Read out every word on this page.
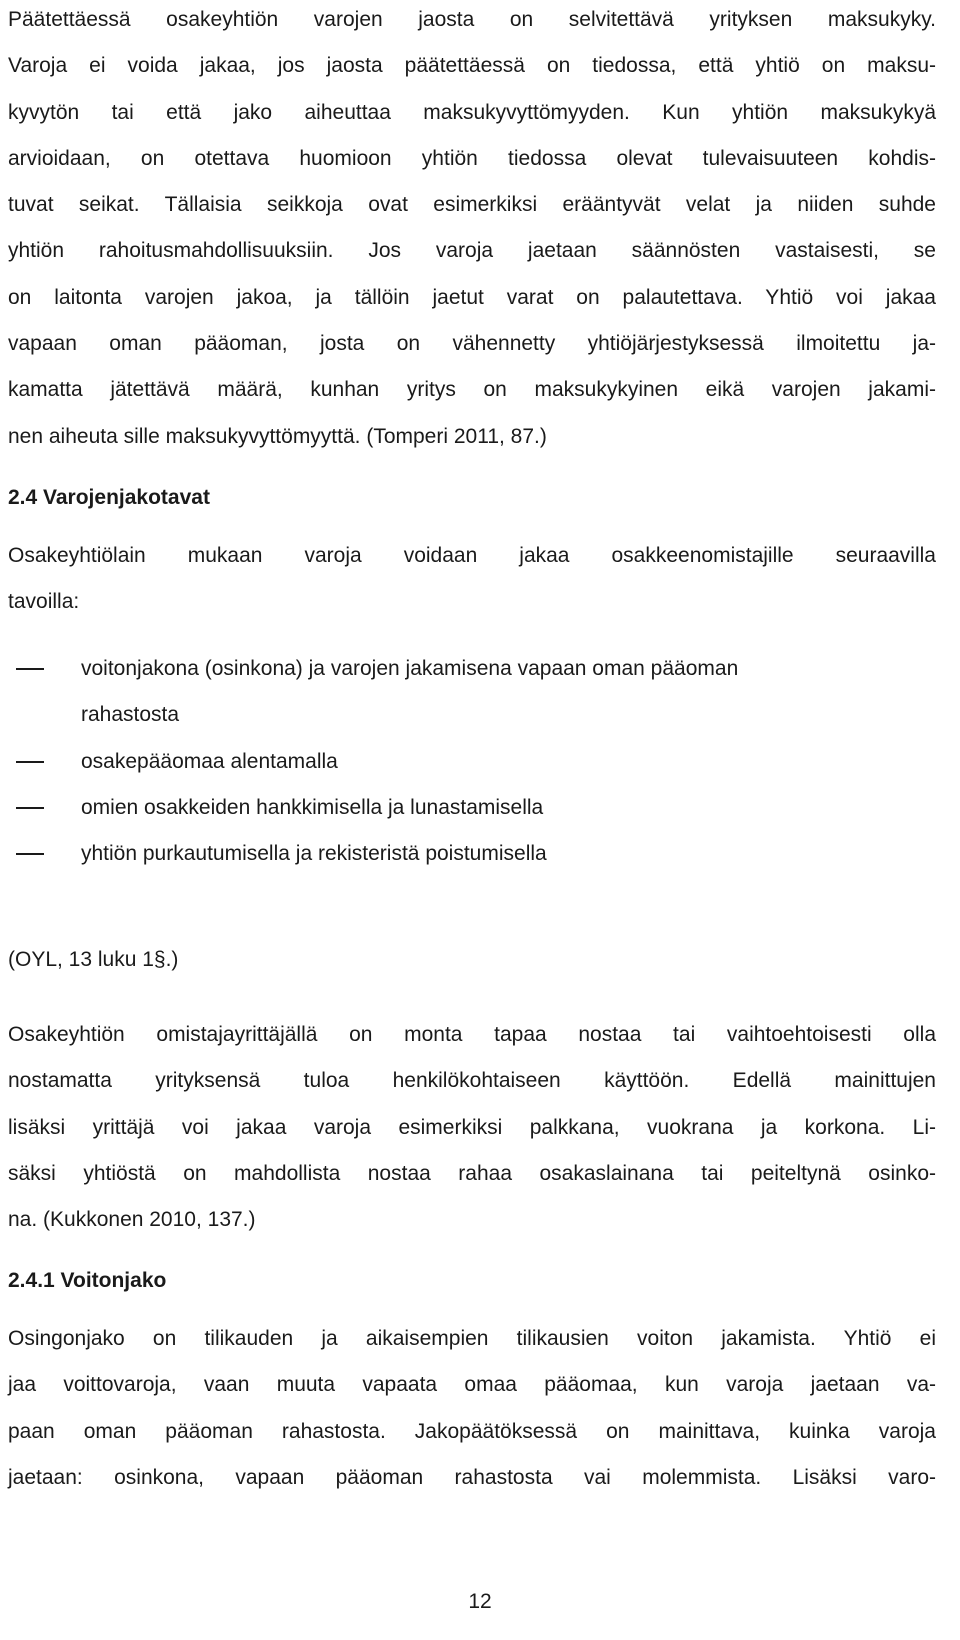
Päätettäessä osakeyhtiön varojen jaosta on selvitettävä yrityksen maksukyky.
Varoja ei voida jakaa, jos jaosta päätettäessä on tiedossa, että yhtiö on maksu-
kyvytön tai että jako aiheuttaa maksukyvyttömyyden. Kun yhtiön maksukykyä
arvioidaan, on otettava huomioon yhtiön tiedossa olevat tulevaisuuteen kohdis-
tuvat seikat. Tällaisia seikkoja ovat esimerkiksi erääntyvät velat ja niiden suhde
yhtiön rahoitusmahdollisuuksiin. Jos varoja jaetaan säännösten vastaisesti, se
on laitonta varojen jakoa, ja tällöin jaetut varat on palautettava. Yhtiö voi jakaa
vapaan oman pääoman, josta on vähennetty yhtiöjärjestyksessä ilmoitettu ja-
kamatta jätettävä määrä, kunhan yritys on maksukykyinen eikä varojen jakami-
nen aiheuta sille maksukyvyttömyyttä. (Tomperi 2011, 87.)
2.4 Varojenjakotavat
Osakeyhtiölain mukaan varoja voidaan jakaa osakkeenomistajille seuraavilla
tavoilla:
voitonjakona (osinkona) ja varojen jakamisena vapaan oman pääoman
rahastosta
osakepääomaa alentamalla
omien osakkeiden hankkimisella ja lunastamisella
yhtiön purkautumisella ja rekisteristä poistumisella
(OYL, 13 luku 1§.)
Osakeyhtiön omistajayrittäjällä on monta tapaa nostaa tai vaihtoehtoisesti olla
nostamatta yrityksensä tuloa henkilökohtaiseen käyttöön. Edellä mainittujen
lisäksi yrittäjä voi jakaa varoja esimerkiksi palkkana, vuokrana ja korkona. Li-
säksi yhtiöstä on mahdollista nostaa rahaa osakaslainana tai peiteltynä osinko-
na. (Kukkonen 2010, 137.)
2.4.1 Voitonjako
Osingonjako on tilikauden ja aikaisempien tilikausien voiton jakamista. Yhtiö ei
jaa voittovaroja, vaan muuta vapaata omaa pääomaa, kun varoja jaetaan va-
paan oman pääoman rahastosta. Jakopäätöksessä on mainittava, kuinka varoja
jaetaan: osinkona, vapaan pääoman rahastosta vai molemmista. Lisäksi varo-
12
